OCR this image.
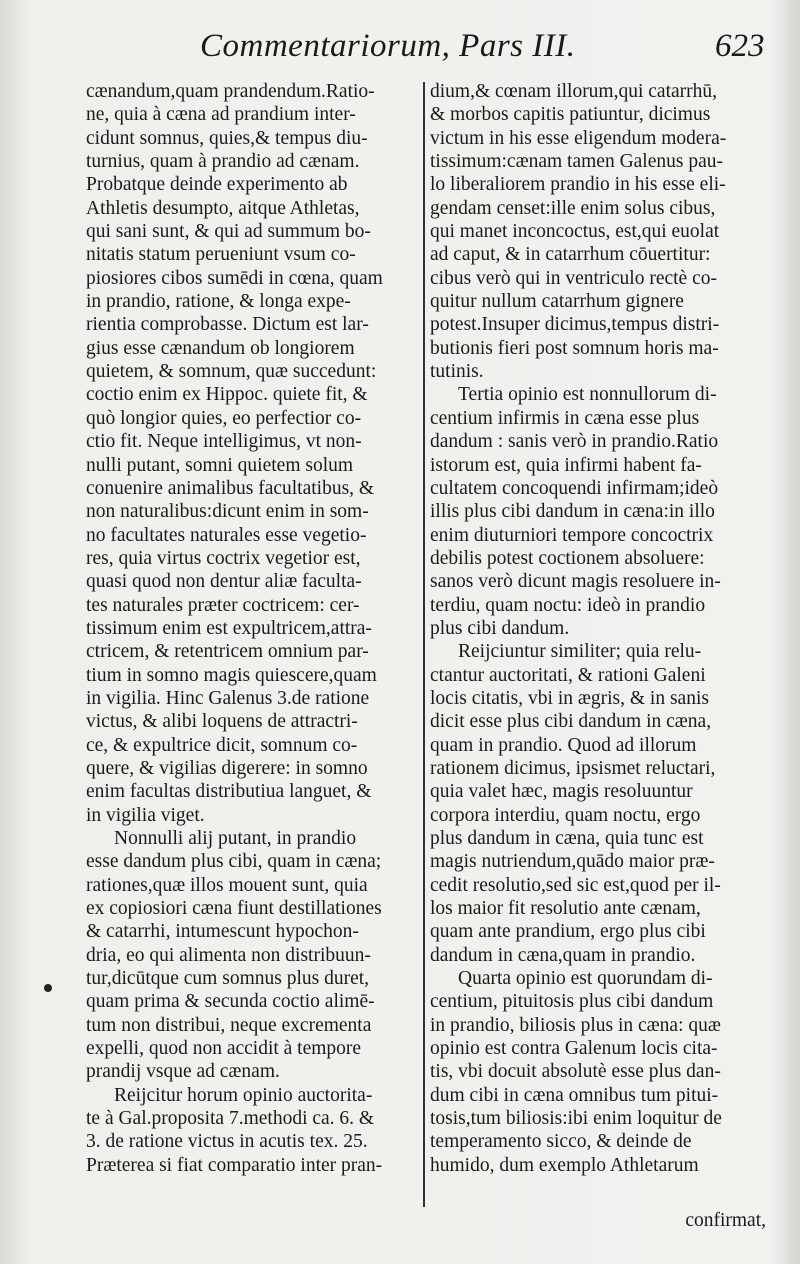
Commentariorum, Pars III.	623
cænandum,quam prandendum.Ratio-
ne, quia à cæna ad prandium inter-
cidunt somnus, quies,& tempus diu-
turnius, quam à prandio ad cænam.
Probatque deinde experimento ab
Athletis desumpto, aitque Athletas,
qui sani sunt, & qui ad summum bo-
nitatis statum perueniunt vsum co-
piosiores cibos sumēdi in cœna, quam
in prandio, ratione, & longa expe-
rientia comprobasse. Dictum est lar-
gius esse cænandum ob longiorem
quietem, & somnum, quæ succedunt:
coctio enim ex Hippoc. quiete fit, &
quò longior quies, eo perfectior co-
ctio fit. Neque intelligimus, vt non-
nulli putant, somni quietem solum
conuenire animalibus facultatibus, &
non naturalibus:dicunt enim in som-
no facultates naturales esse vegetio-
res, quia virtus coctrix vegetior est,
quasi quod non dentur aliæ faculta-
tes naturales præter coctricem: cer-
tissimum enim est expultricem,attra-
ctricem, & retentricem omnium par-
tium in somno magis quiescere,quam
in vigilia. Hinc Galenus 3.de ratione
victus, & alibi loquens de attractri-
ce, & expultrice dicit, somnum co-
quere, & vigilias digerere: in somno
enim facultas distributiua languet, &
in vigilia viget.
Nonnulli alij putant, in prandio
esse dandum plus cibi, quam in cæna;
rationes,quæ illos mouent sunt, quia
ex copiosiori cæna fiunt destillationes
& catarrhi, intumescunt hypochon-
dria, eo qui alimenta non distribuun-
tur,dicūtque cum somnus plus duret,
quam prima & secunda coctio alimē-
tum non distribui, neque excrementa
expelli, quod non accidit à tempore
prandij vsque ad cænam.
Reijcitur horum opinio auctorita-
te à Gal.proposita 7.methodi ca. 6. &
3. de ratione victus in acutis tex. 25.
Præterea si fiat comparatio inter pran-
dium,& cœnam illorum,qui catarrhū,
& morbos capitis patiuntur, dicimus
victum in his esse eligendum modera-
tissimum:cænam tamen Galenus pau-
lo liberaliorem prandio in his esse eli-
gendam censet:ille enim solus cibus,
qui manet inconcoctus, est,qui euolat
ad caput, & in catarrhum cōuertitur:
cibus verò qui in ventriculo rectè co-
quitur nullum catarrhum gignere
potest.Insuper dicimus,tempus distri-
butionis fieri post somnum horis ma-
tutinis.
Tertia opinio est nonnullorum di-
centium infirmis in cæna esse plus
dandum : sanis verò in prandio.Ratio
istorum est, quia infirmi habent fa-
cultatem concoquendi infirmam;ideò
illis plus cibi dandum in cæna:in illo
enim diuturniori tempore concoctrix
debilis potest coctionem absoluere:
sanos verò dicunt magis resoluere in-
terdiu, quam noctu: ideò in prandio
plus cibi dandum.
Reijciuntur similiter; quia relu-
ctantur auctoritati, & rationi Galeni
locis citatis, vbi in ægris, & in sanis
dicit esse plus cibi dandum in cæna,
quam in prandio. Quod ad illorum
rationem dicimus, ipsismet reluctari,
quia valet hæc, magis resoluuntur
corpora interdiu, quam noctu, ergo
plus dandum in cæna, quia tunc est
magis nutriendum,quādo maior præ-
cedit resolutio,sed sic est,quod per il-
los maior fit resolutio ante cænam,
quam ante prandium, ergo plus cibi
dandum in cæna,quam in prandio.
Quarta opinio est quorundam di-
centium, pituitosis plus cibi dandum
in prandio, biliosis plus in cæna: quæ
opinio est contra Galenum locis cita-
tis, vbi docuit absolutè esse plus dan-
dum cibi in cæna omnibus tum pitui-
tosis,tum biliosis:ibi enim loquitur de
temperamento sicco, & deinde de
humido, dum exemplo Athletarum
confirmat,
